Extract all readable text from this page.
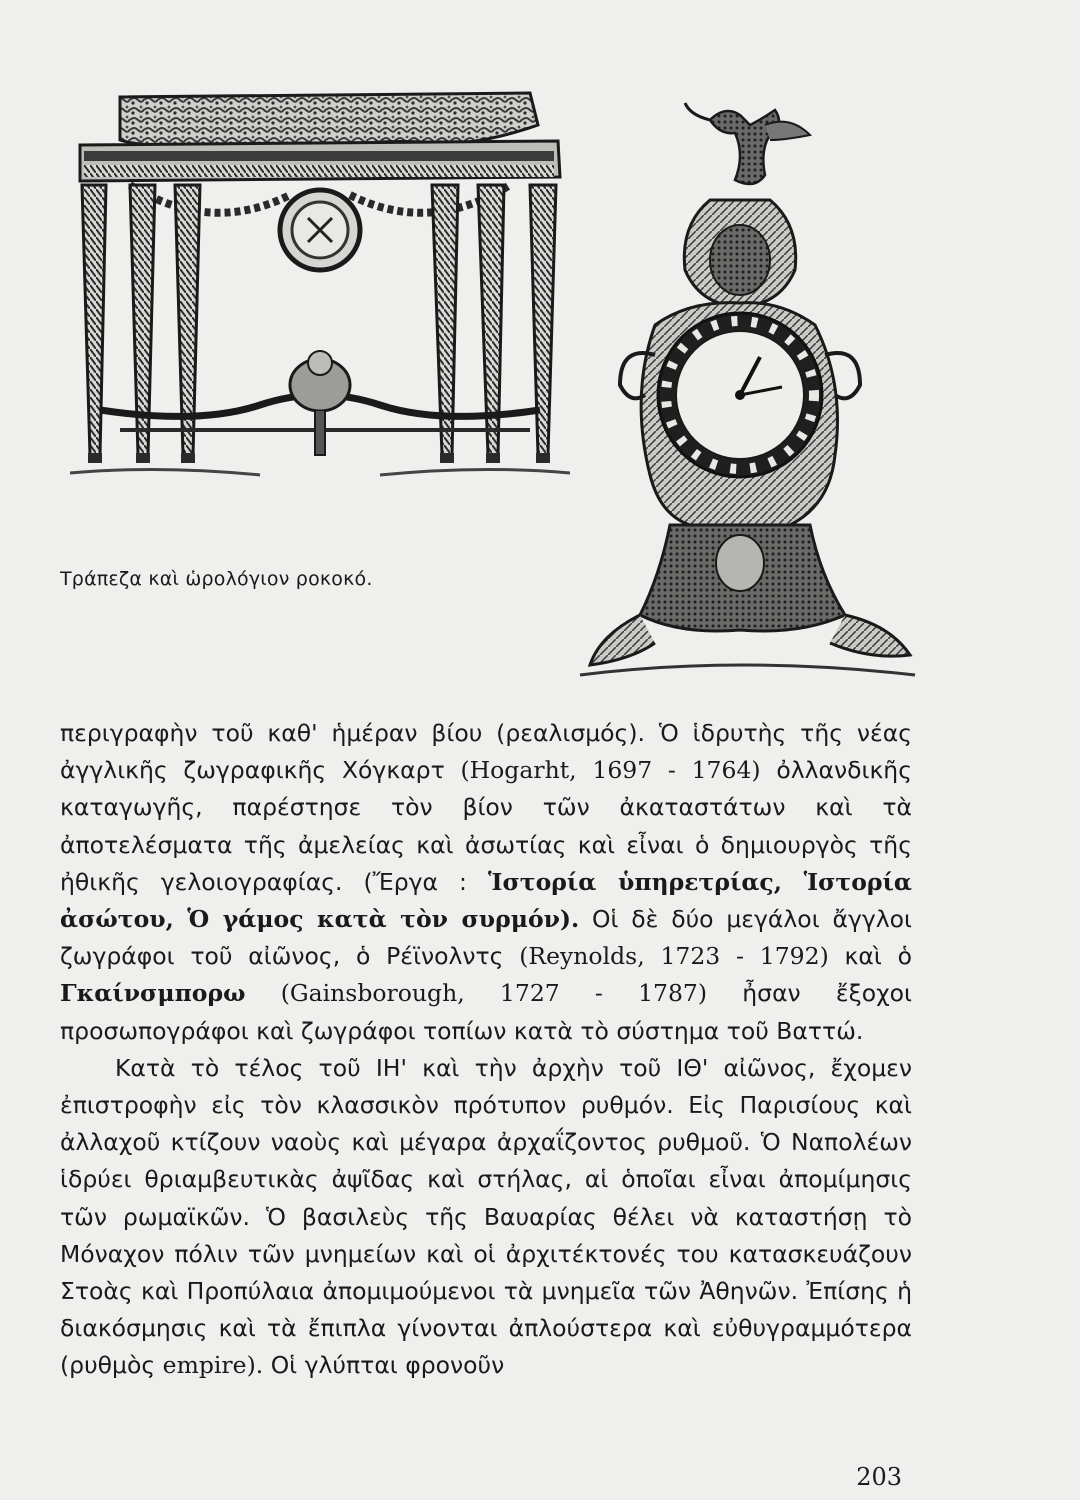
Τράπεζα καὶ ὡρολόγιον ροκοκό.

περιγραφὴν τοῦ καθ' ἡμέραν βίου (ρεαλισμός). Ὁ ἱδρυτὴς τῆς νέας ἀγγλικῆς ζωγραφικῆς Χόγκαρτ (Hogarht, 1697 - 1764) ὀλλανδικῆς καταγωγῆς, παρέστησε τὸν βίον τῶν ἀκαταστάτων καὶ τὰ ἀποτελέσματα τῆς ἀμελείας καὶ ἀσωτίας καὶ εἶναι ὁ δημιουργὸς τῆς ἠθικῆς γελοιογραφίας. (Ἔργα : Ἱστορία ὑπηρετρίας, Ἱστορία ἀσώτου, Ὁ γάμος κατὰ τὸν συρμόν). Οἱ δὲ δύο μεγάλοι ἄγγλοι ζωγράφοι τοῦ αἰῶνος, ὁ Ρέϊνολντς (Reynolds, 1723 - 1792) καὶ ὁ Γκαίνσμπορω (Gainsborough, 1727 - 1787) ἦσαν ἔξοχοι προσωπογράφοι καὶ ζωγράφοι τοπίων κατὰ τὸ σύστημα τοῦ Βαττώ.

Κατὰ τὸ τέλος τοῦ ΙΗ' καὶ τὴν ἀρχὴν τοῦ ΙΘ' αἰῶνος, ἔχομεν ἐπιστροφὴν εἰς τὸν κλασσικὸν πρότυπον ρυθμόν. Εἰς Παρισίους καὶ ἀλλαχοῦ κτίζουν ναοὺς καὶ μέγαρα ἀρχαΐζοντος ρυθμοῦ. Ὁ Ναπολέων ἱδρύει θριαμβευτικὰς ἀψῖδας καὶ στήλας, αἱ ὁποῖαι εἶναι ἀπομίμησις τῶν ρωμαϊκῶν. Ὁ βασιλεὺς τῆς Βαυαρίας θέλει νὰ καταστήσῃ τὸ Μόναχον πόλιν τῶν μνημείων καὶ οἱ ἀρχιτέκτονές του κατασκευάζουν Στοὰς καὶ Προπύλαια ἀπομιμούμενοι τὰ μνημεῖα τῶν Ἀθηνῶν. Ἐπίσης ἡ διακόσμησις καὶ τὰ ἔπιπλα γίνονται ἀπλούστερα καὶ εὐθυγραμμότερα (ρυθμὸς empire). Οἱ γλύπται φρονοῦν

203
